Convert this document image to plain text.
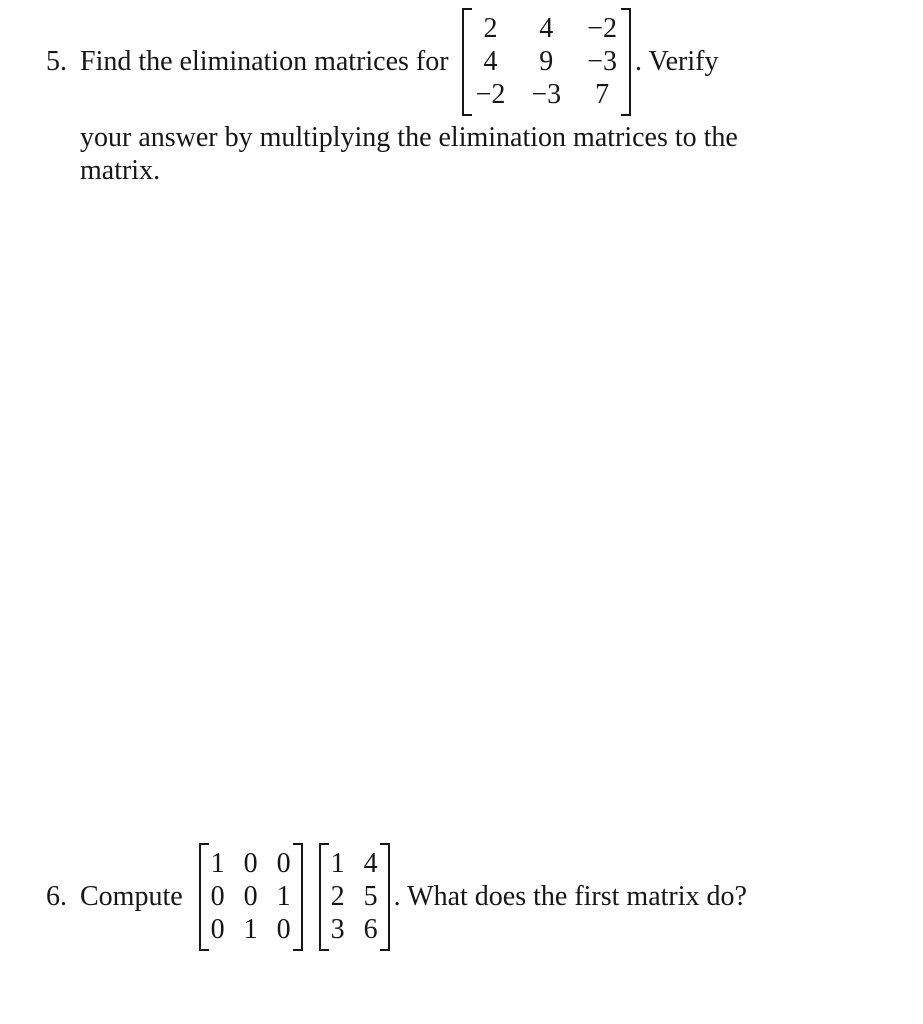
5. Find the elimination matrices for
2 4 −2
4 9 −3
−2 −3 7
. Verify
your answer by multiplying the elimination matrices to the
matrix.
6. Compute
1 0 0
0 0 1
0 1 0
1 4
2 5
3 6
. What does the first matrix do?
